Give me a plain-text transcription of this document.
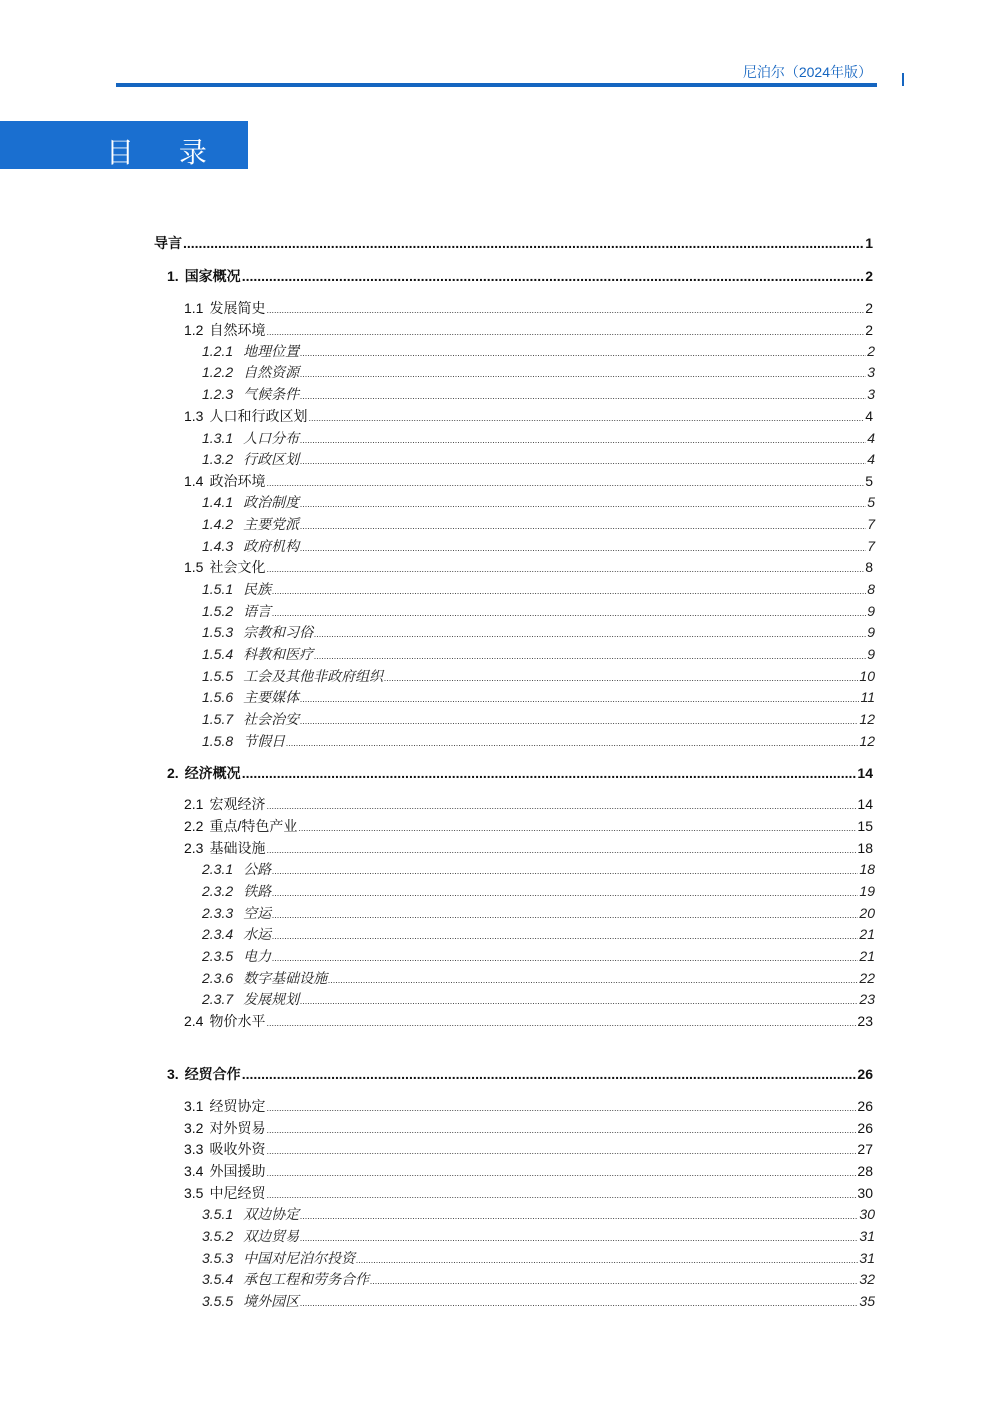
尼泊尔（2024年版）
目 录
导言 .....	1
1. 国家概况 .....	2
1.1 发展简史 .....	2
1.2 自然环境 .....	2
1.2.1 地理位置 .....	2
1.2.2 自然资源 .....	3
1.2.3 气候条件 .....	3
1.3 人口和行政区划 .....	4
1.3.1 人口分布 .....	4
1.3.2 行政区划 .....	4
1.4 政治环境 .....	5
1.4.1 政治制度 .....	5
1.4.2 主要党派 .....	7
1.4.3 政府机构 .....	7
1.5 社会文化 .....	8
1.5.1 民族 .....	8
1.5.2 语言 .....	9
1.5.3 宗教和习俗 .....	9
1.5.4 科教和医疗 .....	9
1.5.5 工会及其他非政府组织 .....	10
1.5.6 主要媒体 .....	11
1.5.7 社会治安 .....	12
1.5.8 节假日 .....	12
2. 经济概况 .....	14
2.1 宏观经济 .....	14
2.2 重点/特色产业 .....	15
2.3 基础设施 .....	18
2.3.1 公路 .....	18
2.3.2 铁路 .....	19
2.3.3 空运 .....	20
2.3.4 水运 .....	21
2.3.5 电力 .....	21
2.3.6 数字基础设施 .....	22
2.3.7 发展规划 .....	23
2.4 物价水平 .....	23
3. 经贸合作 .....	26
3.1 经贸协定 .....	26
3.2 对外贸易 .....	26
3.3 吸收外资 .....	27
3.4 外国援助 .....	28
3.5 中尼经贸 .....	30
3.5.1 双边协定 .....	30
3.5.2 双边贸易 .....	31
3.5.3 中国对尼泊尔投资 .....	31
3.5.4 承包工程和劳务合作 .....	32
3.5.5 境外园区 .....	35
